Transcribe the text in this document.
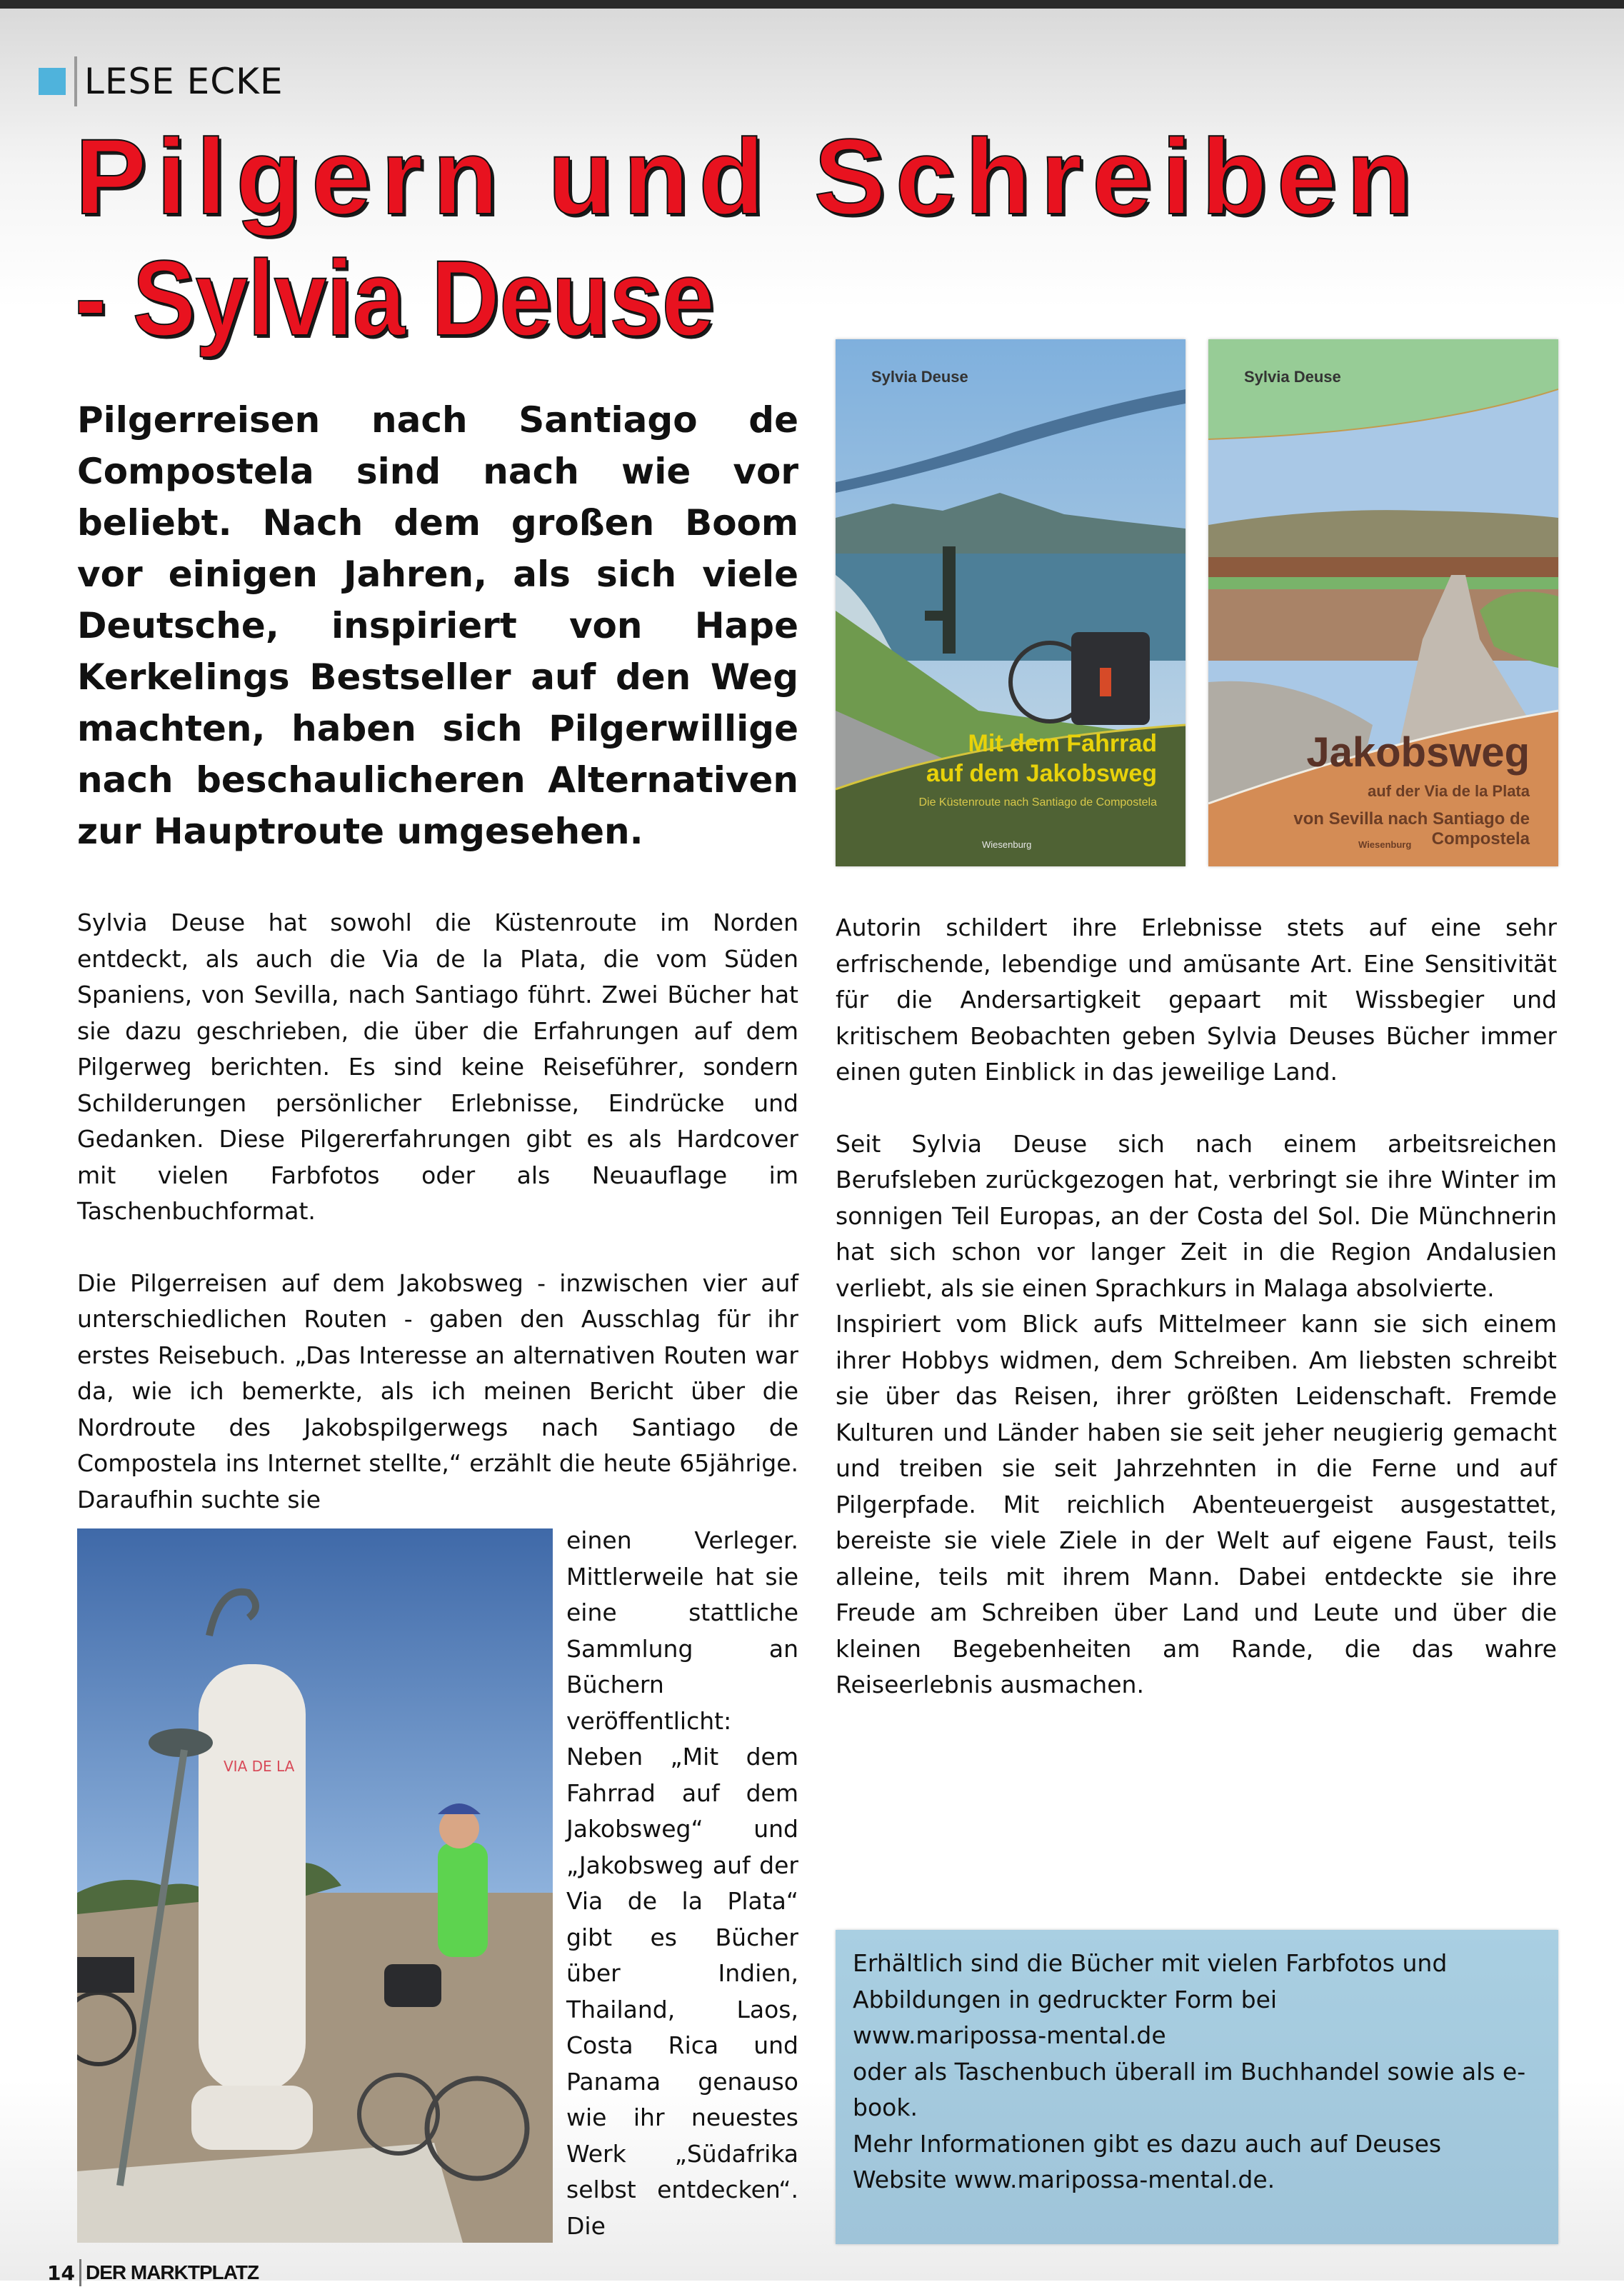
LESE ECKE
Pilgern und Schreiben
- Sylvia Deuse
Pilgerreisen nach Santiago de Compostela sind nach wie vor beliebt. Nach dem großen Boom vor einigen Jahren, als sich viele Deutsche, inspiriert von Hape Kerkelings Bestseller auf den Weg machten, haben sich Pilgerwillige nach beschaulicheren Alternativen zur Hauptroute umgesehen.
Sylvia Deuse
Mit dem Fahrrad
auf dem Jakobsweg
Die Küstenroute nach Santiago de Compostela
Wiesenburg
Sylvia Deuse
Jakobsweg
auf der Via de la Plata
von Sevilla nach Santiago de Compostela
Wiesenburg

Sylvia Deuse hat sowohl die Küstenroute im Norden entdeckt, als auch die Via de la Plata, die vom Süden Spaniens, von Sevilla, nach Santiago führt. Zwei Bücher hat sie dazu geschrieben, die über die Erfahrungen auf dem Pilgerweg berichten. Es sind keine Reiseführer, sondern Schilderungen persönlicher Erlebnisse, Eindrücke und Gedanken. Diese Pilgererfahrungen gibt es als Hardcover mit vielen Farbfotos oder als Neuauflage im Taschenbuchformat.

Die Pilgerreisen auf dem Jakobsweg - inzwischen vier auf unterschiedlichen Routen - gaben den Ausschlag für ihr erstes Reisebuch. „Das Interesse an alternativen Routen war da, wie ich bemerkte, als ich meinen Bericht über die Nordroute des Jakobspilgerwegs nach Santiago de Compostela ins Internet stellte,“ erzählt die heute 65jährige. Daraufhin suchte sie

VIA DE LA

einen Verleger. Mittlerweile hat sie eine stattliche Sammlung an Büchern veröffentlicht: Neben „Mit dem Fahrrad auf dem Jakobsweg“ und „Jakobsweg auf der Via de la Plata“ gibt es Bücher über Indien, Thailand, Laos, Costa Rica und Panama genauso wie ihr neuestes Werk „Südafrika selbst entdecken“. Die

Autorin schildert ihre Erlebnisse stets auf eine sehr erfrischende, lebendige und amüsante Art. Eine Sensitivität für die Andersartigkeit gepaart mit Wissbegier und kritischem Beobachten geben Sylvia Deuses Bücher immer einen guten Einblick in das jeweilige Land.

Seit Sylvia Deuse sich nach einem arbeitsreichen Berufsleben zurückgezogen hat, verbringt sie ihre Winter im sonnigen Teil Europas, an der Costa del Sol. Die Münchnerin hat sich schon vor langer Zeit in die Region Andalusien verliebt, als sie einen Sprachkurs in Malaga absolvierte.

Inspiriert vom Blick aufs Mittelmeer kann sie sich einem ihrer Hobbys widmen, dem Schreiben. Am liebsten schreibt sie über das Reisen, ihrer größten Leidenschaft. Fremde Kulturen und Länder haben sie seit jeher neugierig gemacht und treiben sie seit Jahrzehnten in die Ferne und auf Pilgerpfade. Mit reichlich Abenteuergeist ausgestattet, bereiste sie viele Ziele in der Welt auf eigene Faust, teils alleine, teils mit ihrem Mann. Dabei entdeckte sie ihre Freude am Schreiben über Land und Leute und über die kleinen Begebenheiten am Rande, die das wahre Reiseerlebnis ausmachen.

Erhältlich sind die Bücher mit vielen Farbfotos und Abbildungen in gedruckter Form bei

www.maripossa-mental.de

oder als Taschenbuch überall im Buchhandel sowie als e-book.

Mehr Informationen gibt es dazu auch auf Deuses Website www.maripossa-mental.de.

14 DER MARKTPLATZ
